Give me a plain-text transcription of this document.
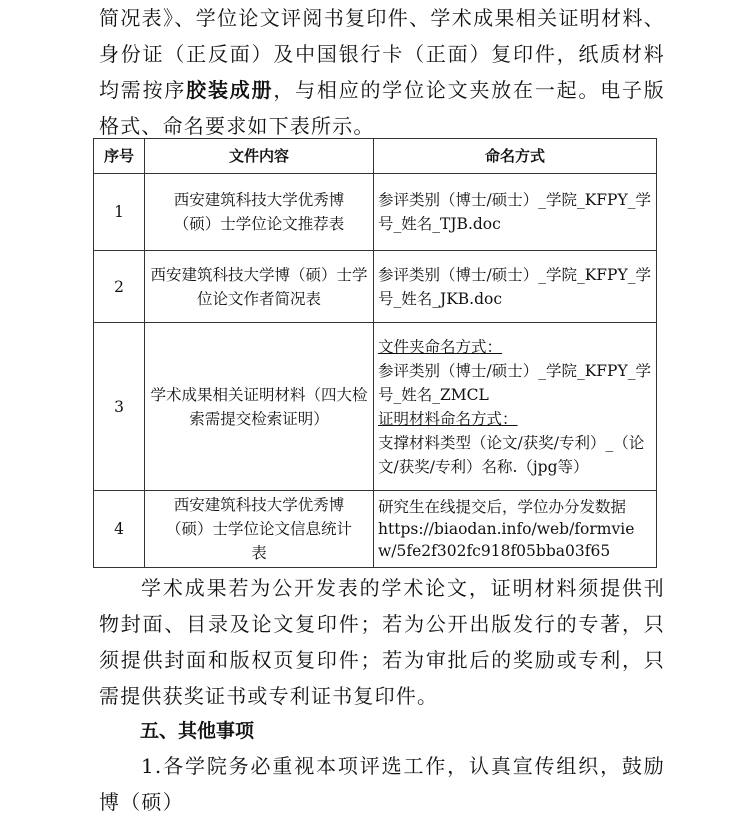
简况表》、学位论文评阅书复印件、学术成果相关证明材料、身份证（正反面）及中国银行卡（正面）复印件，纸质材料均需按序胶装成册，与相应的学位论文夹放在一起。电子版格式、命名要求如下表所示。
序号	文件内容	命名方式
1	西安建筑科技大学优秀博（硕）士学位论文推荐表	参评类别（博士/硕士）_学院_KFPY_学号_姓名_TJB.doc
2	西安建筑科技大学博（硕）士学位论文作者简况表	参评类别（博士/硕士）_学院_KFPY_学号_姓名_JKB.doc
3	学术成果相关证明材料（四大检索需提交检索证明）	文件夹命名方式：
参评类别（博士/硕士）_学院_KFPY_学号_姓名_ZMCL
证明材料命名方式：
支撑材料类型（论文/获奖/专利）_（论文/获奖/专利）名称.（jpg等）

4	西安建筑科技大学优秀博（硕）士学位论文信息统计表	研究生在线提交后，学位办分发数据
https://biaodan.info/web/formview/5fe2f302fc918f05bba03f65
学术成果若为公开发表的学术论文，证明材料须提供刊物封面、目录及论文复印件；若为公开出版发行的专著，只须提供封面和版权页复印件；若为审批后的奖励或专利，只需提供获奖证书或专利证书复印件。
五、其他事项
1.各学院务必重视本项评选工作，认真宣传组织，鼓励博（硕）
